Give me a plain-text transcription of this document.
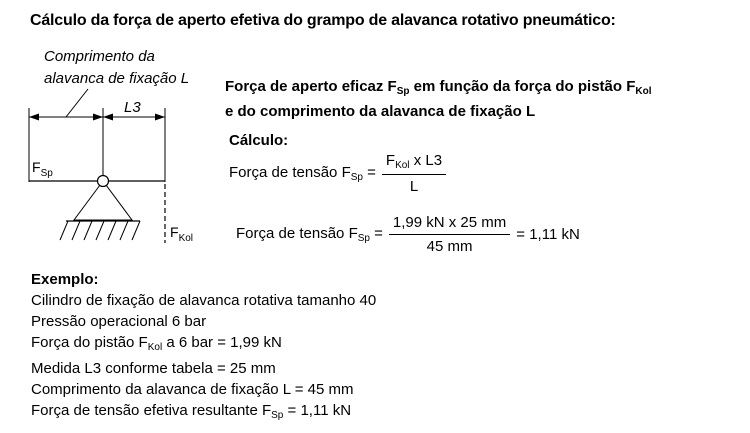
Cálculo da força de aperto efetiva do grampo de alavanca rotativo pneumático:
Comprimento da
alavanca de fixação L
L3
$F_{Sp}$
$F_{Kol}$
Força de aperto eficaz $F_{Sp}$ em função da força do pistão $F_{Kol}$
e do comprimento da alavanca de fixação L
Cálculo:
Força de tensão $F_{Sp} = \frac{F_{Kol} x L3}{L}$
Força de tensão $F_{Sp} = \frac{\text{1,99 kN x 25 mm}}{45 mm} = 1,11$ kN
Exemplo:
Cilindro de fixação de alavanca rotativa tamanho 40
Pressão operacional 6 bar
Força do pistão $F_{Kol}$ a 6 bar = 1,99 kN
Medida L3 conforme tabela = 25 mm
Comprimento da alavanca de fixação L = 45 mm
Força de tensão efetiva resultante $F_{Sp} = 1,11$ kN
